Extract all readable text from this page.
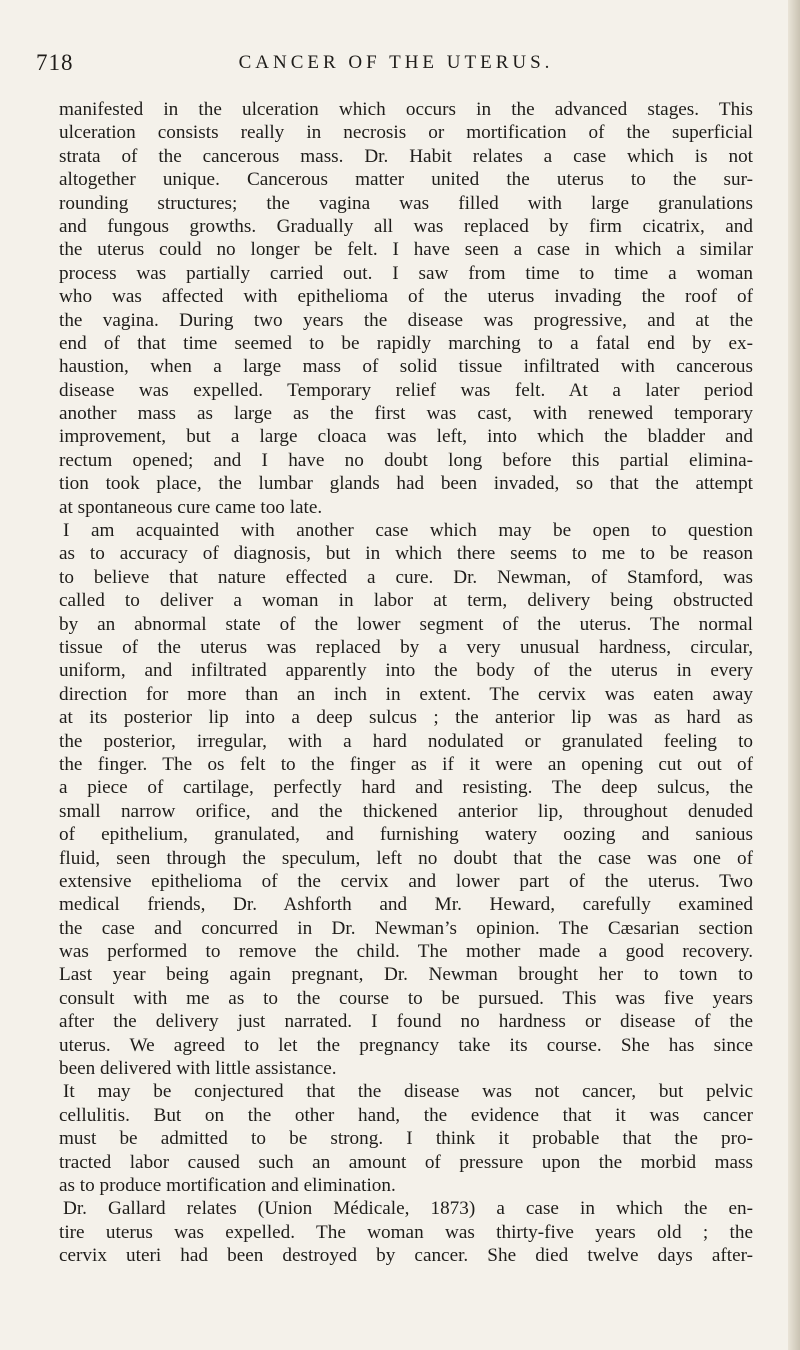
718	CANCER OF THE UTERUS.
manifested in the ulceration which occurs in the advanced stages. This
ulceration consists really in necrosis or mortification of the superficial
strata of the cancerous mass. Dr. Habit relates a case which is not
altogether unique. Cancerous matter united the uterus to the sur-
rounding structures; the vagina was filled with large granulations
and fungous growths. Gradually all was replaced by firm cicatrix, and
the uterus could no longer be felt. I have seen a case in which a similar
process was partially carried out. I saw from time to time a woman
who was affected with epithelioma of the uterus invading the roof of
the vagina. During two years the disease was progressive, and at the
end of that time seemed to be rapidly marching to a fatal end by ex-
haustion, when a large mass of solid tissue infiltrated with cancerous
disease was expelled. Temporary relief was felt. At a later period
another mass as large as the first was cast, with renewed temporary
improvement, but a large cloaca was left, into which the bladder and
rectum opened; and I have no doubt long before this partial elimina-
tion took place, the lumbar glands had been invaded, so that the attempt
at spontaneous cure came too late.
I am acquainted with another case which may be open to question
as to accuracy of diagnosis, but in which there seems to me to be reason
to believe that nature effected a cure. Dr. Newman, of Stamford, was
called to deliver a woman in labor at term, delivery being obstructed
by an abnormal state of the lower segment of the uterus. The normal
tissue of the uterus was replaced by a very unusual hardness, circular,
uniform, and infiltrated apparently into the body of the uterus in every
direction for more than an inch in extent. The cervix was eaten away
at its posterior lip into a deep sulcus ; the anterior lip was as hard as
the posterior, irregular, with a hard nodulated or granulated feeling to
the finger. The os felt to the finger as if it were an opening cut out of
a piece of cartilage, perfectly hard and resisting. The deep sulcus, the
small narrow orifice, and the thickened anterior lip, throughout denuded
of epithelium, granulated, and furnishing watery oozing and sanious
fluid, seen through the speculum, left no doubt that the case was one of
extensive epithelioma of the cervix and lower part of the uterus. Two
medical friends, Dr. Ashforth and Mr. Heward, carefully examined
the case and concurred in Dr. Newman’s opinion. The Cæsarian section
was performed to remove the child. The mother made a good recovery.
Last year being again pregnant, Dr. Newman brought her to town to
consult with me as to the course to be pursued. This was five years
after the delivery just narrated. I found no hardness or disease of the
uterus. We agreed to let the pregnancy take its course. She has since
been delivered with little assistance.
It may be conjectured that the disease was not cancer, but pelvic
cellulitis. But on the other hand, the evidence that it was cancer
must be admitted to be strong. I think it probable that the pro-
tracted labor caused such an amount of pressure upon the morbid mass
as to produce mortification and elimination.
Dr. Gallard relates (Union Médicale, 1873) a case in which the en-
tire uterus was expelled. The woman was thirty-five years old ; the
cervix uteri had been destroyed by cancer. She died twelve days after-
